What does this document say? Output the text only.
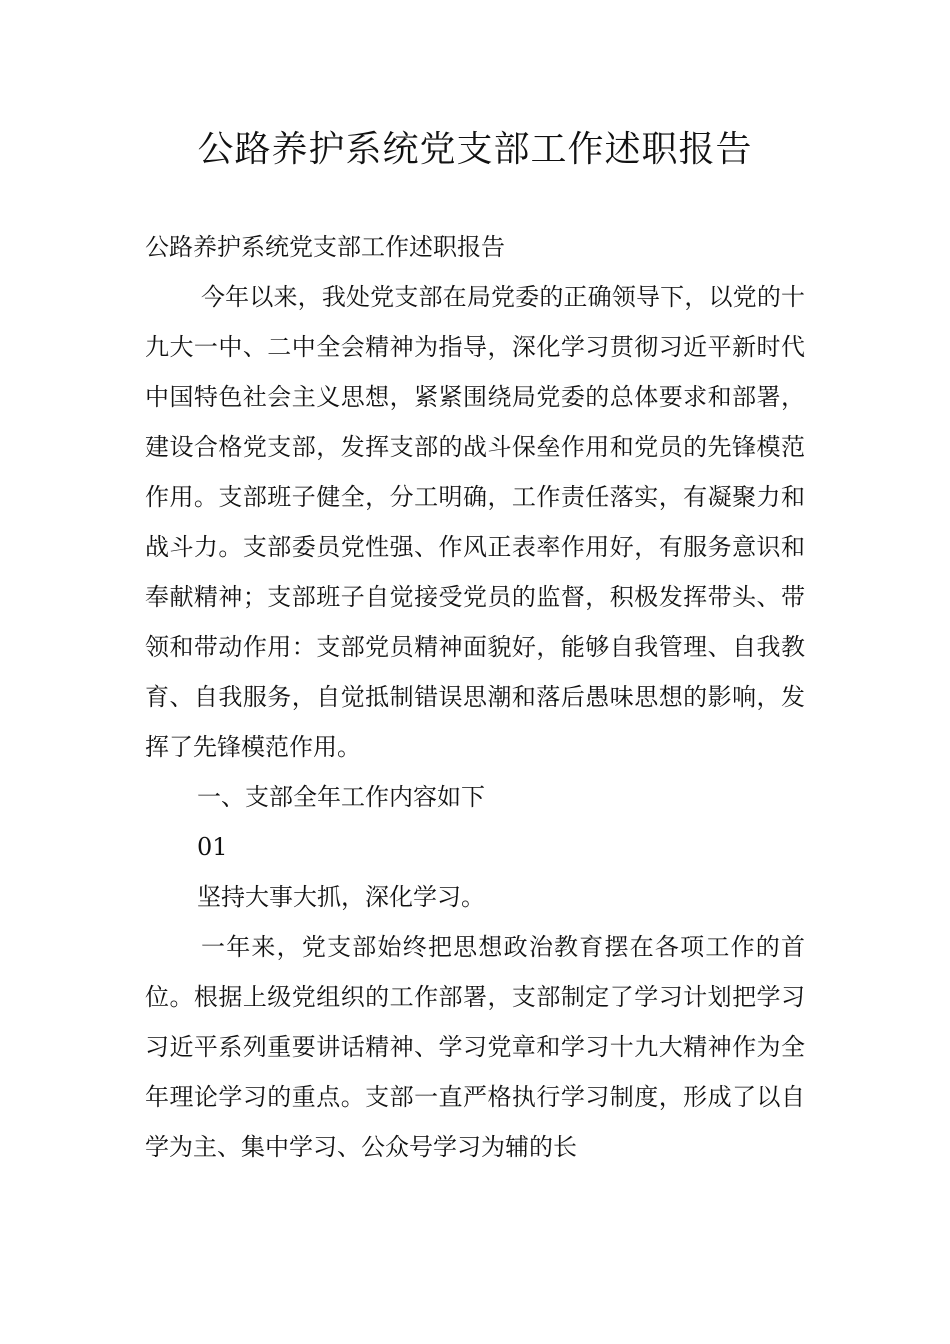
公路养护系统党支部工作述职报告

公路养护系统党支部工作述职报告

今年以来，我处党支部在局党委的正确领导下，以党的十九大一中、二中全会精神为指导，深化学习贯彻习近平新时代中国特色社会主义思想，紧紧围绕局党委的总体要求和部署，建设合格党支部，发挥支部的战斗保垒作用和党员的先锋模范作用。支部班子健全，分工明确，工作责任落实，有凝聚力和战斗力。支部委员党性强、作风正表率作用好，有服务意识和奉献精神；支部班子自觉接受党员的监督，积极发挥带头、带领和带动作用：支部党员精神面貌好，能够自我管理、自我教育、自我服务，自觉抵制错误思潮和落后愚味思想的影响，发挥了先锋模范作用。

一、支部全年工作内容如下

01

坚持大事大抓，深化学习。

一年来，党支部始终把思想政治教育摆在各项工作的首位。根据上级党组织的工作部署，支部制定了学习计划把学习习近平系列重要讲话精神、学习党章和学习十九大精神作为全年理论学习的重点。支部一直严格执行学习制度，形成了以自学为主、集中学习、公众号学习为辅的长
